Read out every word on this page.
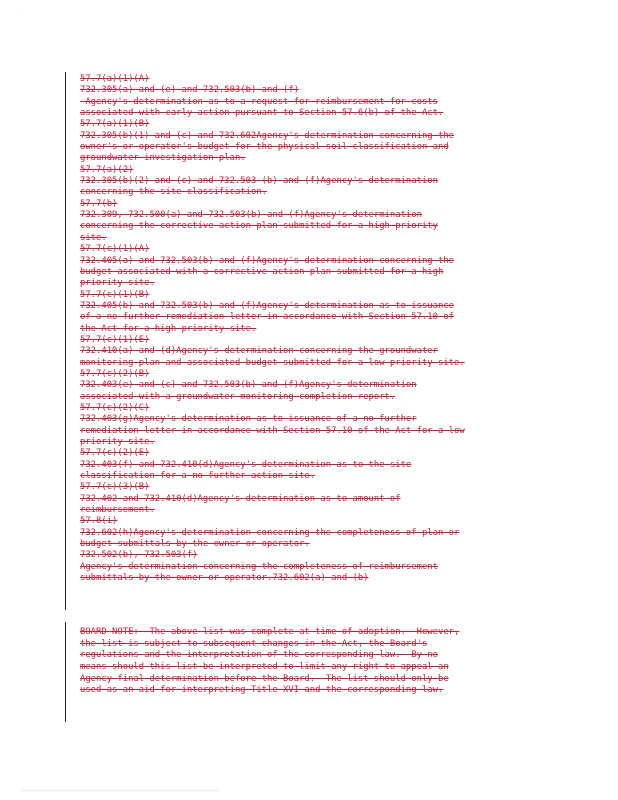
·
57.7(a)(1)(A)
732.305(a) and (e) and 732.503(b) and (f)
Agency's determination as to a request for reimbursement for costs
associated with early action pursuant to Section 57.6(b) of the Act.
57.7(a)(1)(B)
732.305(b)(1) and (c) and 732.602Agency's determination concerning the
owner's or operator's budget for the physical soil classification and
groundwater investigation plan.
57.7(a)(2)
732.305(b)(2) and (c) and 732.503 (b) and (f)Agency's determination
concerning the site classification.
57.7(b)
732.309, 732.500(a) and 732.503(b) and (f)Agency's determination
concerning the corrective action plan submitted for a high priority
site.
57.7(c)(1)(A)
732.405(a) and 732.503(b) and (f)Agency's determination concerning the
budget associated with a corrective action plan submitted for a high
priority site.
57.7(c)(1)(B)
732.405(b) and 732.503(b) and (f)Agency's determination as to issuance
of a no further remediation letter in accordance with Section 57.10 of
the Act for a high priority site.
57.7(c)(1)(E)
732.410(a) and (d)Agency's determination concerning the groundwater
monitoring plan and associated budget submitted for a low priority site.
57.7(c)(2)(B)
732.403(e) and (c) and 732.503(b) and (f)Agency's determination
associated with a groundwater monitoring completion report.
57.7(c)(2)(C)
732.403(g)Agency's determination as to issuance of a no further
remediation letter in accordance with Section 57.10 of the Act for a low
priority site.
57.7(c)(2)(E)
732.403(f) and 732.410(d)Agency's determination as to the site
classification for a no further action site.
57.7(c)(3)(B)
732.402 and 732.410(d)Agency's determination as to amount of
reimbursement.
57.8(i)
732.602(h)Agency's determination concerning the completeness of plan or
budget submittals by the owner or operator.
732.502(b), 732.503(f)
Agency's determination concerning the completeness of reimbursement
submittals by the owner or operator.732.602(a) and (b)
BOARD NOTE:  The above list was complete at time of adoption.  However,
the list is subject to subsequent changes in the Act, the Board's
regulations and the interpretation of the corresponding law.  By no
means should this list be interpreted to limit any right to appeal an
Agency final determination before the Board.  The list should only be
used as an aid for interpreting Title XVI and the corresponding law.
